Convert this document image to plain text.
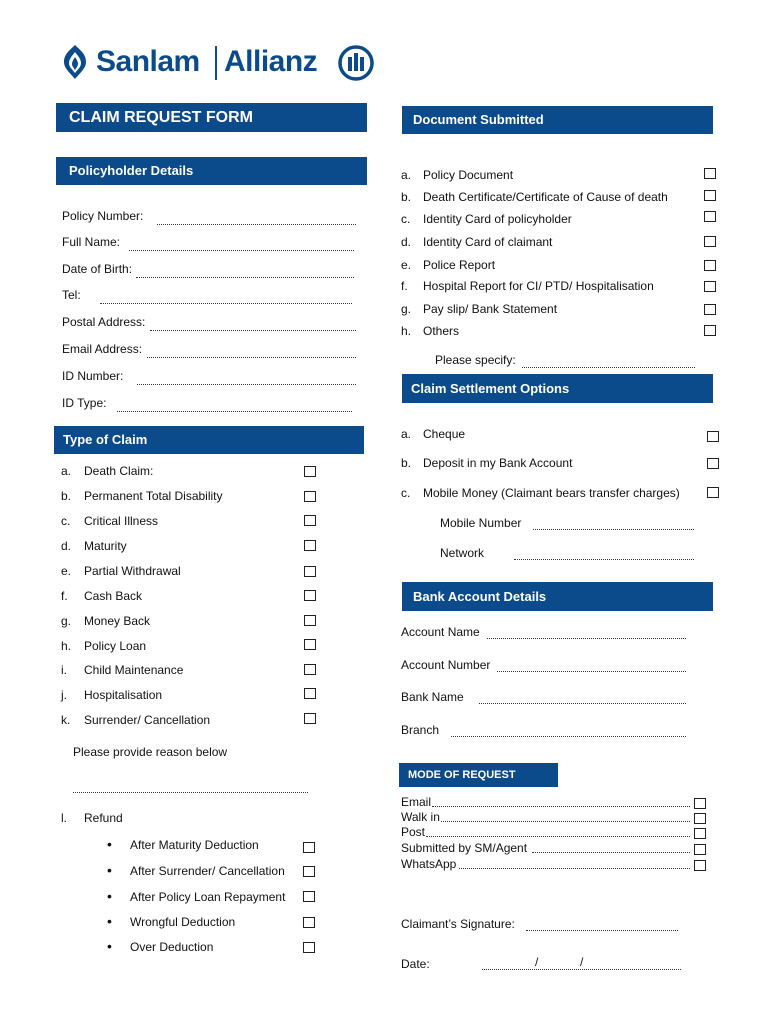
Sanlam Allianz
CLAIM REQUEST FORM
Policyholder Details
Policy Number:
Full Name:
Date of Birth:
Tel:
Postal Address:
Email Address:
ID Number:
ID Type:
Type of Claim
a. Death Claim:
b. Permanent Total Disability
c. Critical Illness
d. Maturity
e. Partial Withdrawal
f. Cash Back
g. Money Back
h. Policy Loan
i. Child Maintenance
j. Hospitalisation
k. Surrender/ Cancellation
Please provide reason below
l. Refund
• After Maturity Deduction
• After Surrender/ Cancellation
• After Policy Loan Repayment
• Wrongful Deduction
• Over Deduction
Document Submitted
a. Policy Document
b. Death Certificate/Certificate of Cause of death
c. Identity Card of policyholder
d. Identity Card of claimant
e. Police Report
f. Hospital Report for CI/ PTD/ Hospitalisation
g. Pay slip/ Bank Statement
h. Others
Please specify:
Claim Settlement Options
a. Cheque
b. Deposit in my Bank Account
c. Mobile Money (Claimant bears transfer charges)
Mobile Number
Network
Bank Account Details
Account Name
Account Number
Bank Name
Branch
MODE OF REQUEST
Email
Walk in
Post
Submitted by SM/Agent
WhatsApp
Claimant’s Signature:
Date:	/	/
